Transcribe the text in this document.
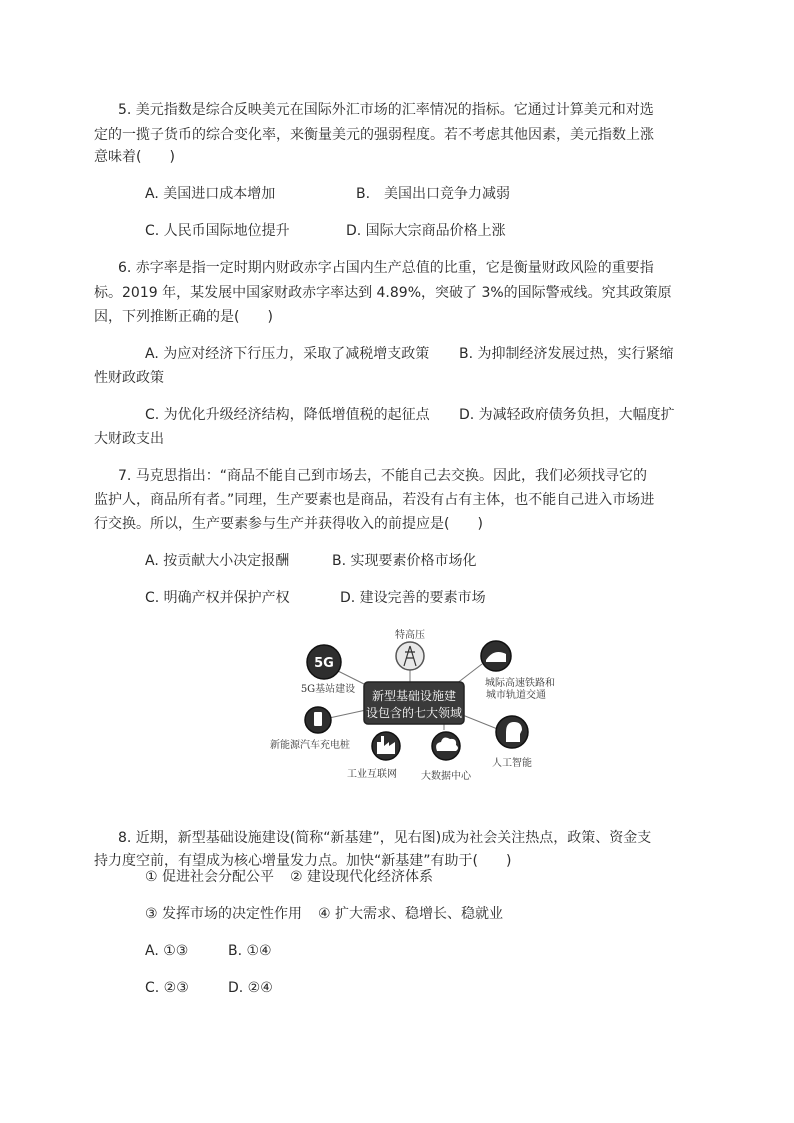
5. 美元指数是综合反映美元在国际外汇市场的汇率情况的指标。它通过计算美元和对选
定的一揽子货币的综合变化率，来衡量美元的强弱程度。若不考虑其他因素，美元指数上涨
意味着(　　)
A. 美国进口成本增加	B.　美国出口竞争力减弱
C. 人民币国际地位提升	D. 国际大宗商品价格上涨
6. 赤字率是指一定时期内财政赤字占国内生产总值的比重，它是衡量财政风险的重要指
标。2019 年，某发展中国家财政赤字率达到 4.89%，突破了 3%的国际警戒线。究其政策原
因，下列推断正确的是(　　)
A. 为应对经济下行压力，采取了减税增支政策 B. 为抑制经济发展过热，实行紧缩
性财政政策
C. 为优化升级经济结构，降低增值税的起征点 D. 为减轻政府债务负担，大幅度扩
大财政支出
7. 马克思指出：“商品不能自己到市场去，不能自己去交换。因此，我们必须找寻它的
监护人，商品所有者。”同理，生产要素也是商品，若没有占有主体，也不能自己进入市场进
行交换。所以，生产要素参与生产并获得收入的前提应是(　　)
A. 按贡献大小决定报酬	B. 实现要素价格市场化
C. 明确产权并保护产权	D. 建设完善的要素市场
新型基础设施建
设包含的七大领域
特高压
5G
5G基站建设
城际高速铁路和
城市轨道交通
新能源汽车充电桩
工业互联网 大数据中心
人工智能
8. 近期，新型基础设施建设(简称“新基建”，见右图)成为社会关注热点，政策、资金支
持力度空前，有望成为核心增量发力点。加快“新基建”有助于(　　)
① 促进社会分配公平 ② 建设现代化经济体系
③ 发挥市场的决定性作用 ④ 扩大需求、稳增长、稳就业
A. ①③	B. ①④
C. ②③	D. ②④
